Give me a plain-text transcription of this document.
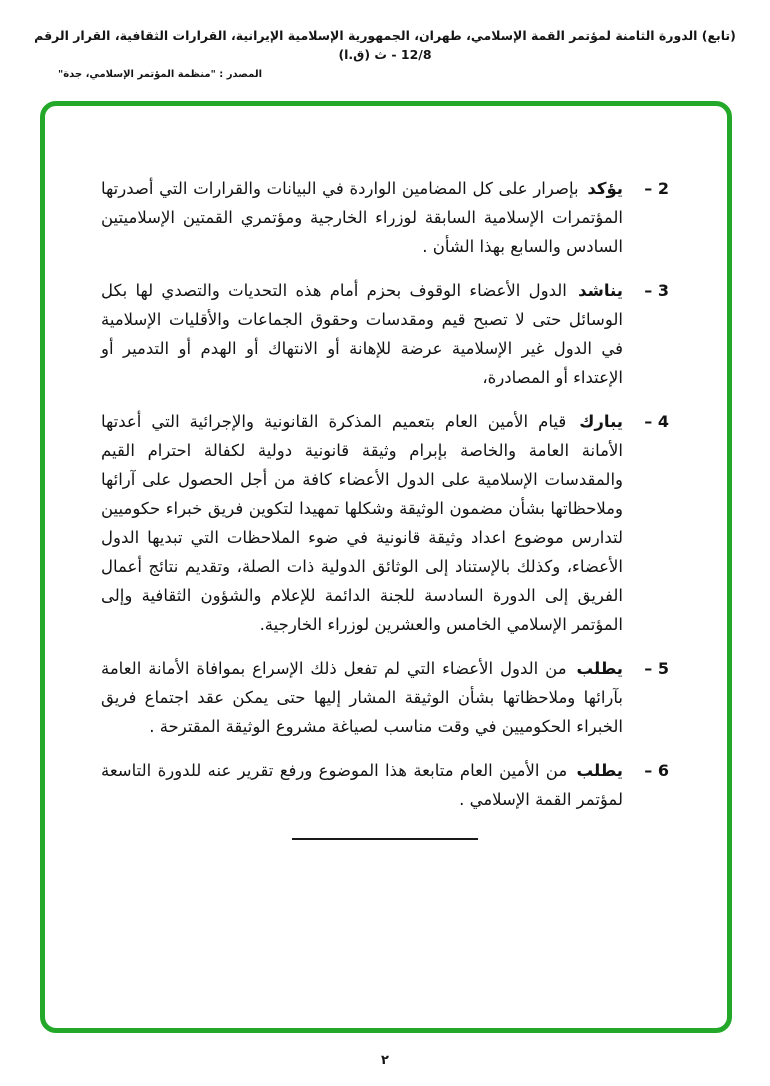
(تابع) الدورة الثامنة لمؤتمر القمة الإسلامي، طهران، الجمهورية الإسلامية الإيرانية، القرارات الثقافية، القرار الرقم 12/8 - ث (ق.ا)
المصدر : "منظمة المؤتمر الإسلامي، جدة"

يؤكد بإصرار على كل المضامين الواردة في البيانات والقرارات التي أصدرتها المؤتمرات الإسلامية السابقة لوزراء الخارجية ومؤتمري القمتين الإسلاميتين السادس والسابع بهذا الشأن .

– 2

يناشد الدول الأعضاء الوقوف بحزم أمام هذه التحديات والتصدي لها بكل الوسائل حتى لا تصبح قيم ومقدسات وحقوق الجماعات والأقليات الإسلامية في الدول غير الإسلامية عرضة للإهانة أو الانتهاك أو الهدم أو التدمير أو الإعتداء أو المصادرة،

– 3

يبارك قيام الأمين العام بتعميم المذكرة القانونية والإجرائية التي أعدتها الأمانة العامة والخاصة بإبرام وثيقة قانونية دولية لكفالة احترام القيم والمقدسات الإسلامية على الدول الأعضاء كافة من أجل الحصول على آرائها وملاحظاتها بشأن مضمون الوثيقة وشكلها تمهيدا لتكوين فريق خبراء حكوميين لتدارس موضوع اعداد وثيقة قانونية في ضوء الملاحظات التي تبديها الدول الأعضاء، وكذلك بالإستناد إلى الوثائق الدولية ذات الصلة، وتقديم نتائج أعمال الفريق إلى الدورة السادسة للجنة الدائمة للإعلام والشؤون الثقافية وإلى المؤتمر الإسلامي الخامس والعشرين لوزراء الخارجية.

– 4

يطلب من الدول الأعضاء التي لم تفعل ذلك الإسراع بموافاة الأمانة العامة بآرائها وملاحظاتها بشأن الوثيقة المشار إليها حتى يمكن عقد اجتماع فريق الخبراء الحكوميين في وقت مناسب لصياغة مشروع الوثيقة المقترحة .

– 5

يطلب من الأمين العام متابعة هذا الموضوع ورفع تقرير عنه للدورة التاسعة لمؤتمر القمة الإسلامي .

– 6
٢
